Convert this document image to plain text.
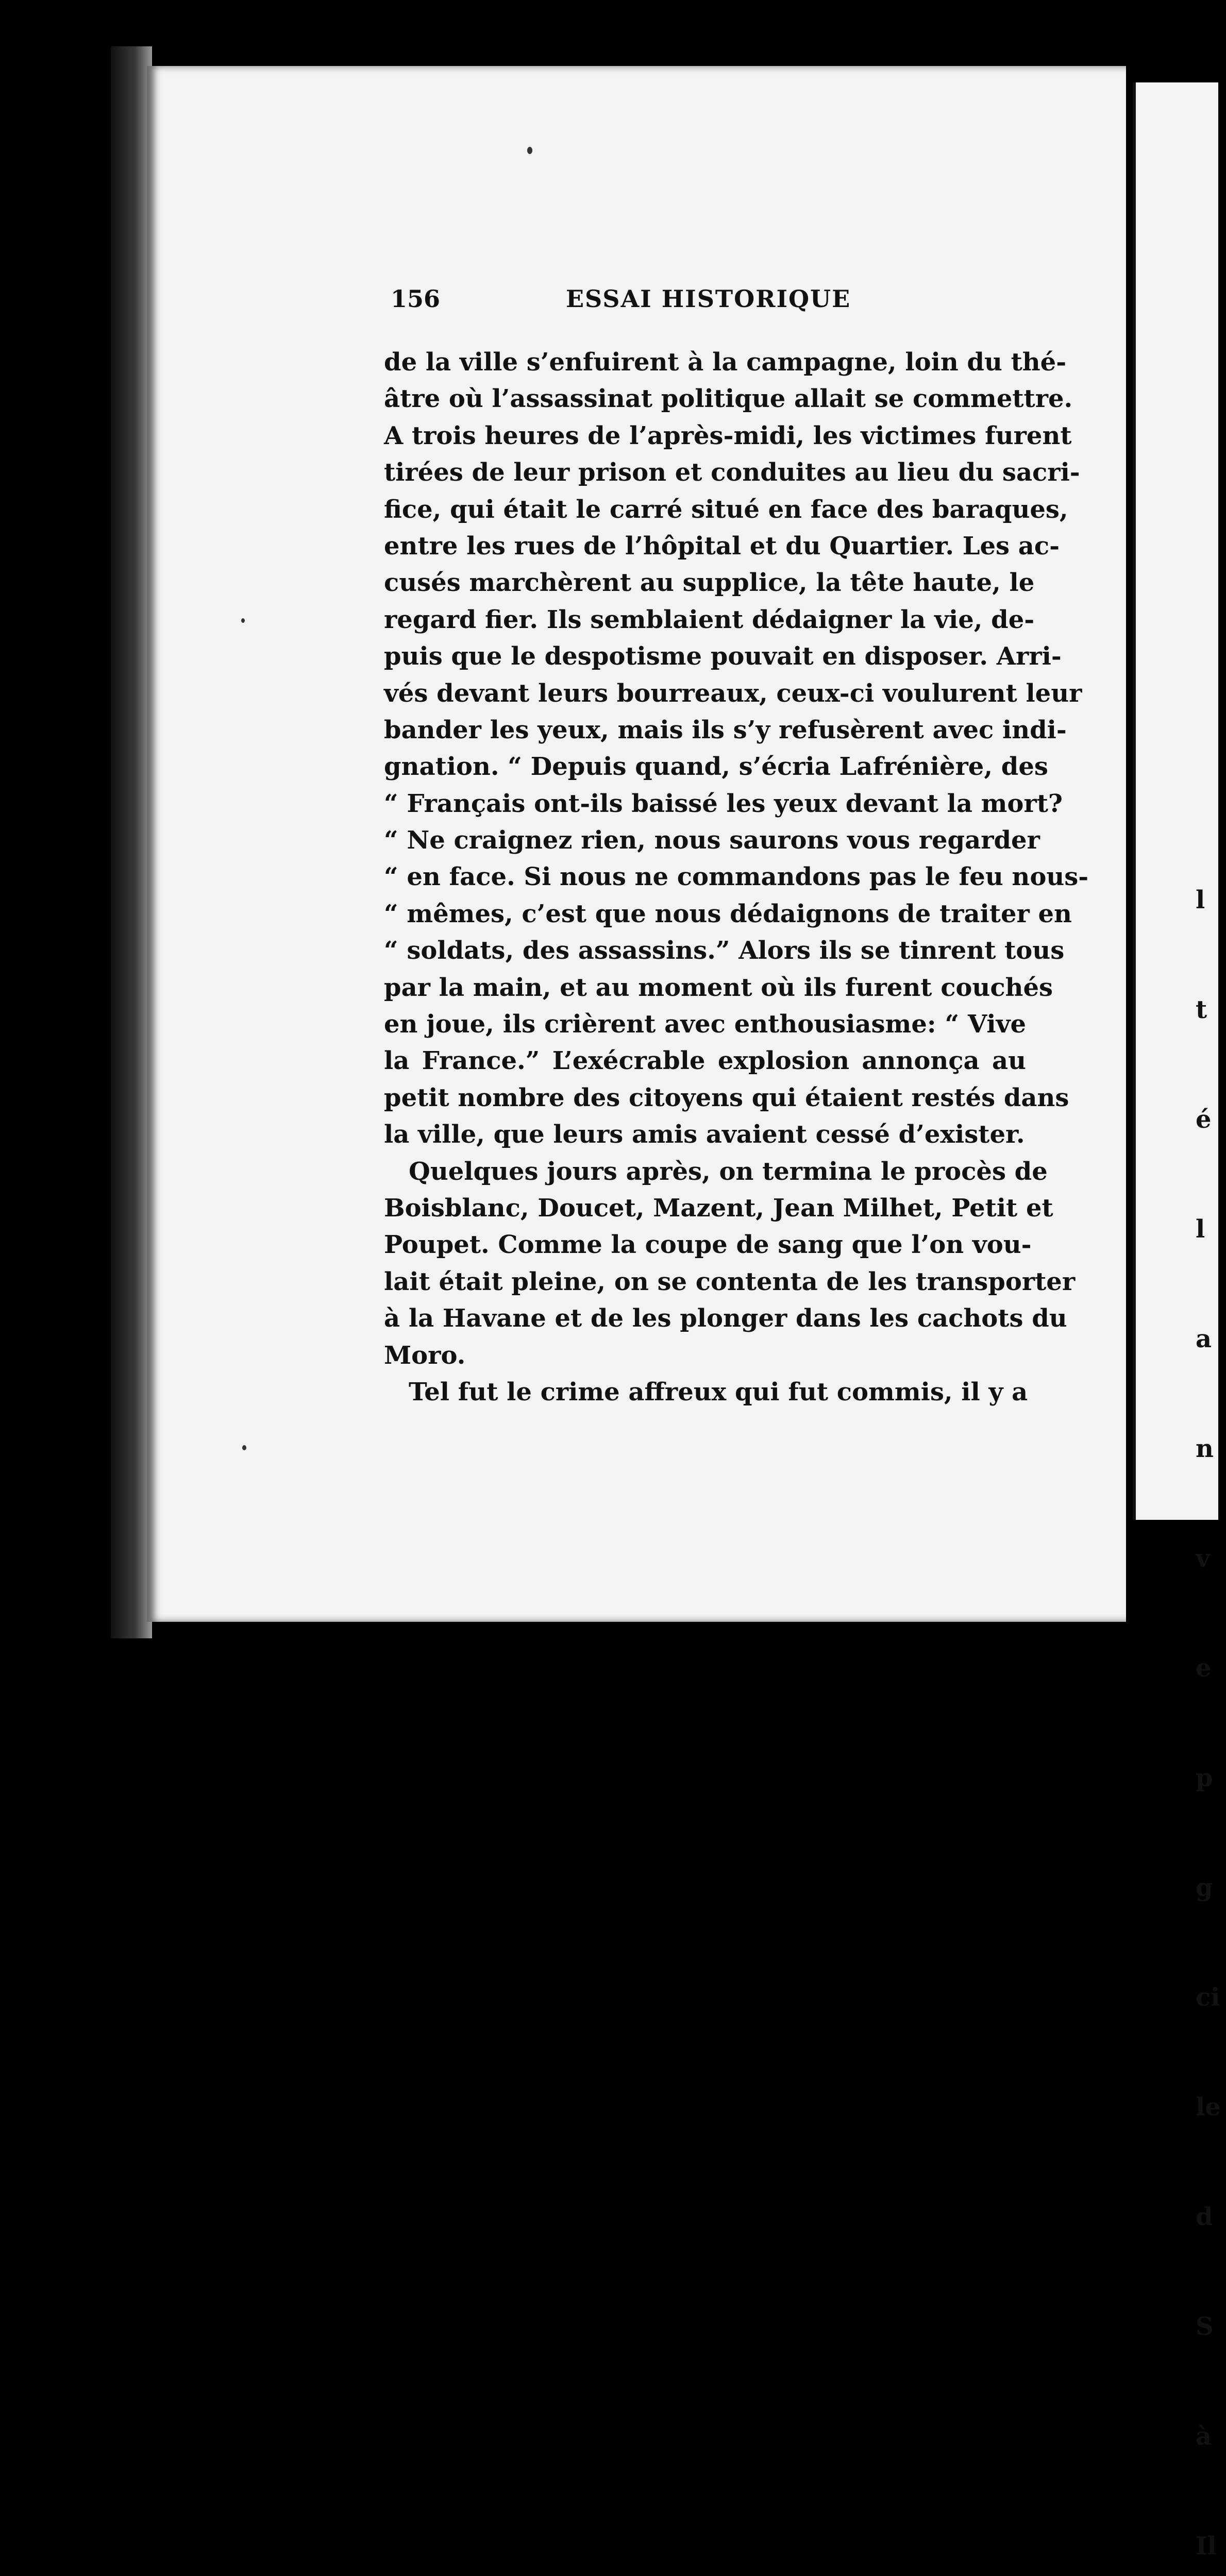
156	ESSAI HISTORIQUE
de la ville s’enfuirent à la campagne, loin du thé-
âtre où l’assassinat politique allait se commettre.
A trois heures de l’après-midi, les victimes furent
tirées de leur prison et conduites au lieu du sacri-
fice, qui était le carré situé en face des baraques,
entre les rues de l’hôpital et du Quartier. Les ac-
cusés marchèrent au supplice, la tête haute, le
regard fier. Ils semblaient dédaigner la vie, de-
puis que le despotisme pouvait en disposer. Arri-
vés devant leurs bourreaux, ceux-ci voulurent leur
bander les yeux, mais ils s’y refusèrent avec indi-
gnation. “ Depuis quand, s’écria Lafrénière, des
“ Français ont-ils baissé les yeux devant la mort?
“ Ne craignez rien, nous saurons vous regarder
“ en face. Si nous ne commandons pas le feu nous-
“ mêmes, c’est que nous dédaignons de traiter en
“ soldats, des assassins.” Alors ils se tinrent tous
par la main, et au moment où ils furent couchés
en joue, ils crièrent avec enthousiasme: “ Vive
la France.” L’exécrable explosion annonça au
petit nombre des citoyens qui étaient restés dans
la ville, que leurs amis avaient cessé d’exister.
Quelques jours après, on termina le procès de
Boisblanc, Doucet, Mazent, Jean Milhet, Petit et
Poupet. Comme la coupe de sang que l’on vou-
lait était pleine, on se contenta de les transporter
à la Havane et de les plonger dans les cachots du
Moro.
Tel fut le crime affreux qui fut commis, il y a

l

t

é

l

a

n

v

e

p

g

ci

le

d

S

à

Il
